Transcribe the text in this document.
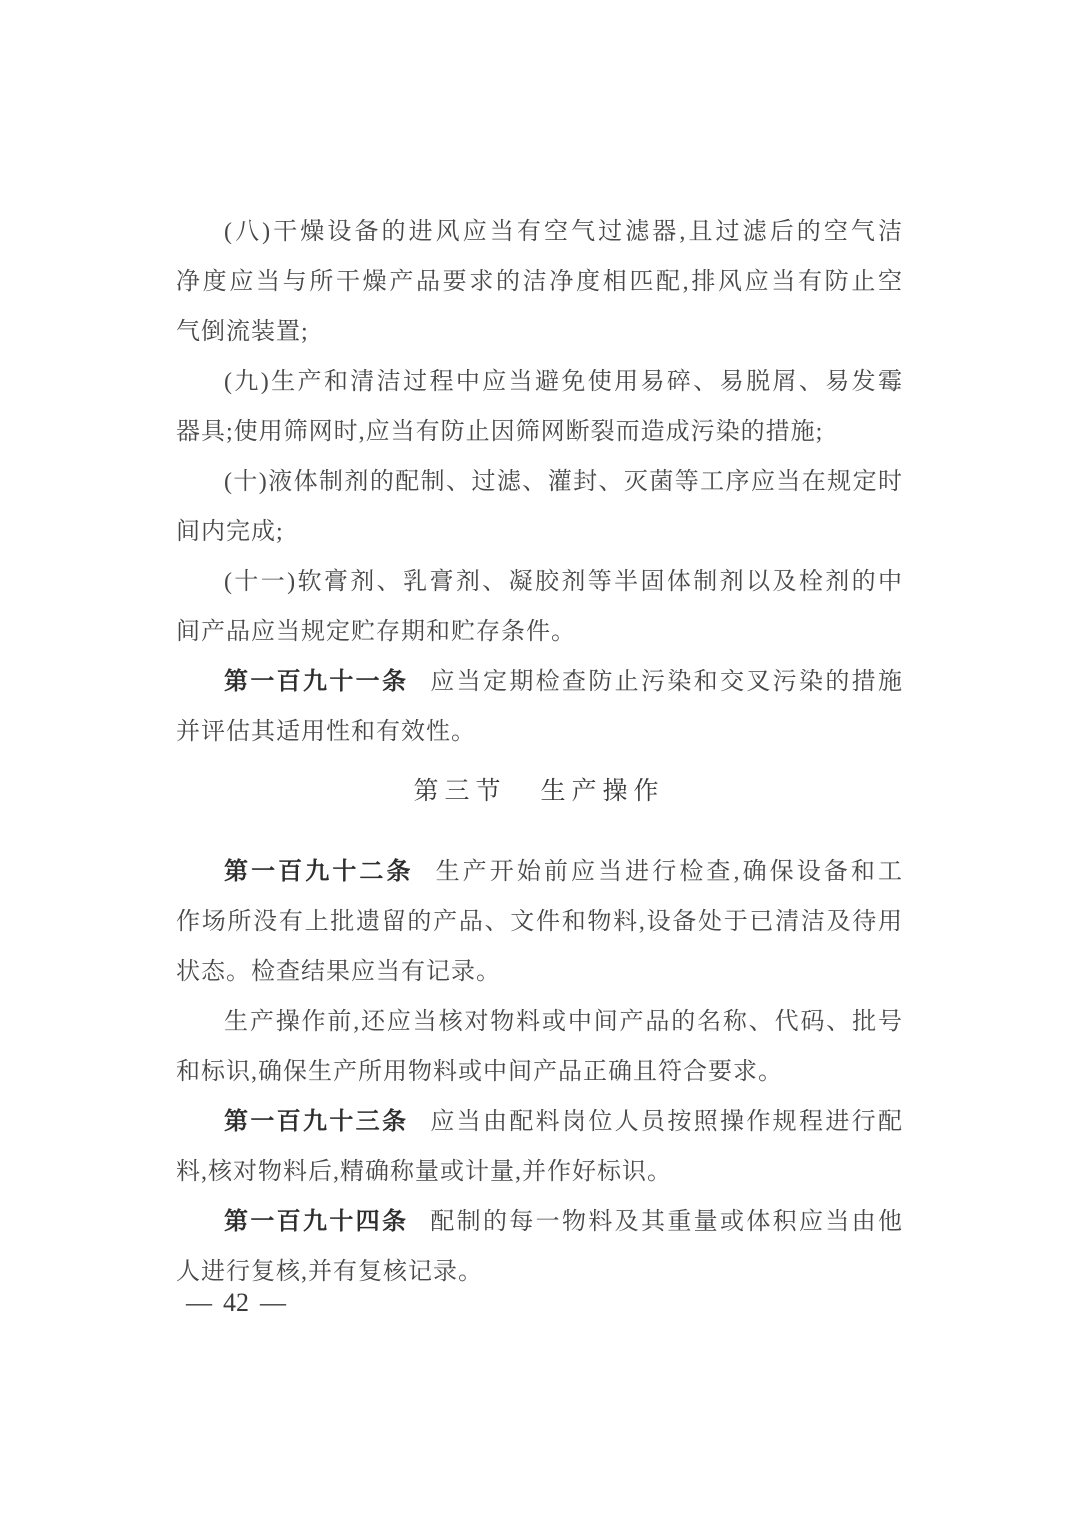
(八)干燥设备的进风应当有空气过滤器,且过滤后的空气洁
净度应当与所干燥产品要求的洁净度相匹配,排风应当有防止空
气倒流装置;
(九)生产和清洁过程中应当避免使用易碎、易脱屑、易发霉
器具;使用筛网时,应当有防止因筛网断裂而造成污染的措施;
(十)液体制剂的配制、过滤、灌封、灭菌等工序应当在规定时
间内完成;
(十一)软膏剂、乳膏剂、凝胶剂等半固体制剂以及栓剂的中
间产品应当规定贮存期和贮存条件。
第一百九十一条 应当定期检查防止污染和交叉污染的措施
并评估其适用性和有效性。
第三节 生产操作
第一百九十二条 生产开始前应当进行检查,确保设备和工
作场所没有上批遗留的产品、文件和物料,设备处于已清洁及待用
状态。检查结果应当有记录。
生产操作前,还应当核对物料或中间产品的名称、代码、批号
和标识,确保生产所用物料或中间产品正确且符合要求。
第一百九十三条 应当由配料岗位人员按照操作规程进行配
料,核对物料后,精确称量或计量,并作好标识。
第一百九十四条 配制的每一物料及其重量或体积应当由他
人进行复核,并有复核记录。
— 42 —
